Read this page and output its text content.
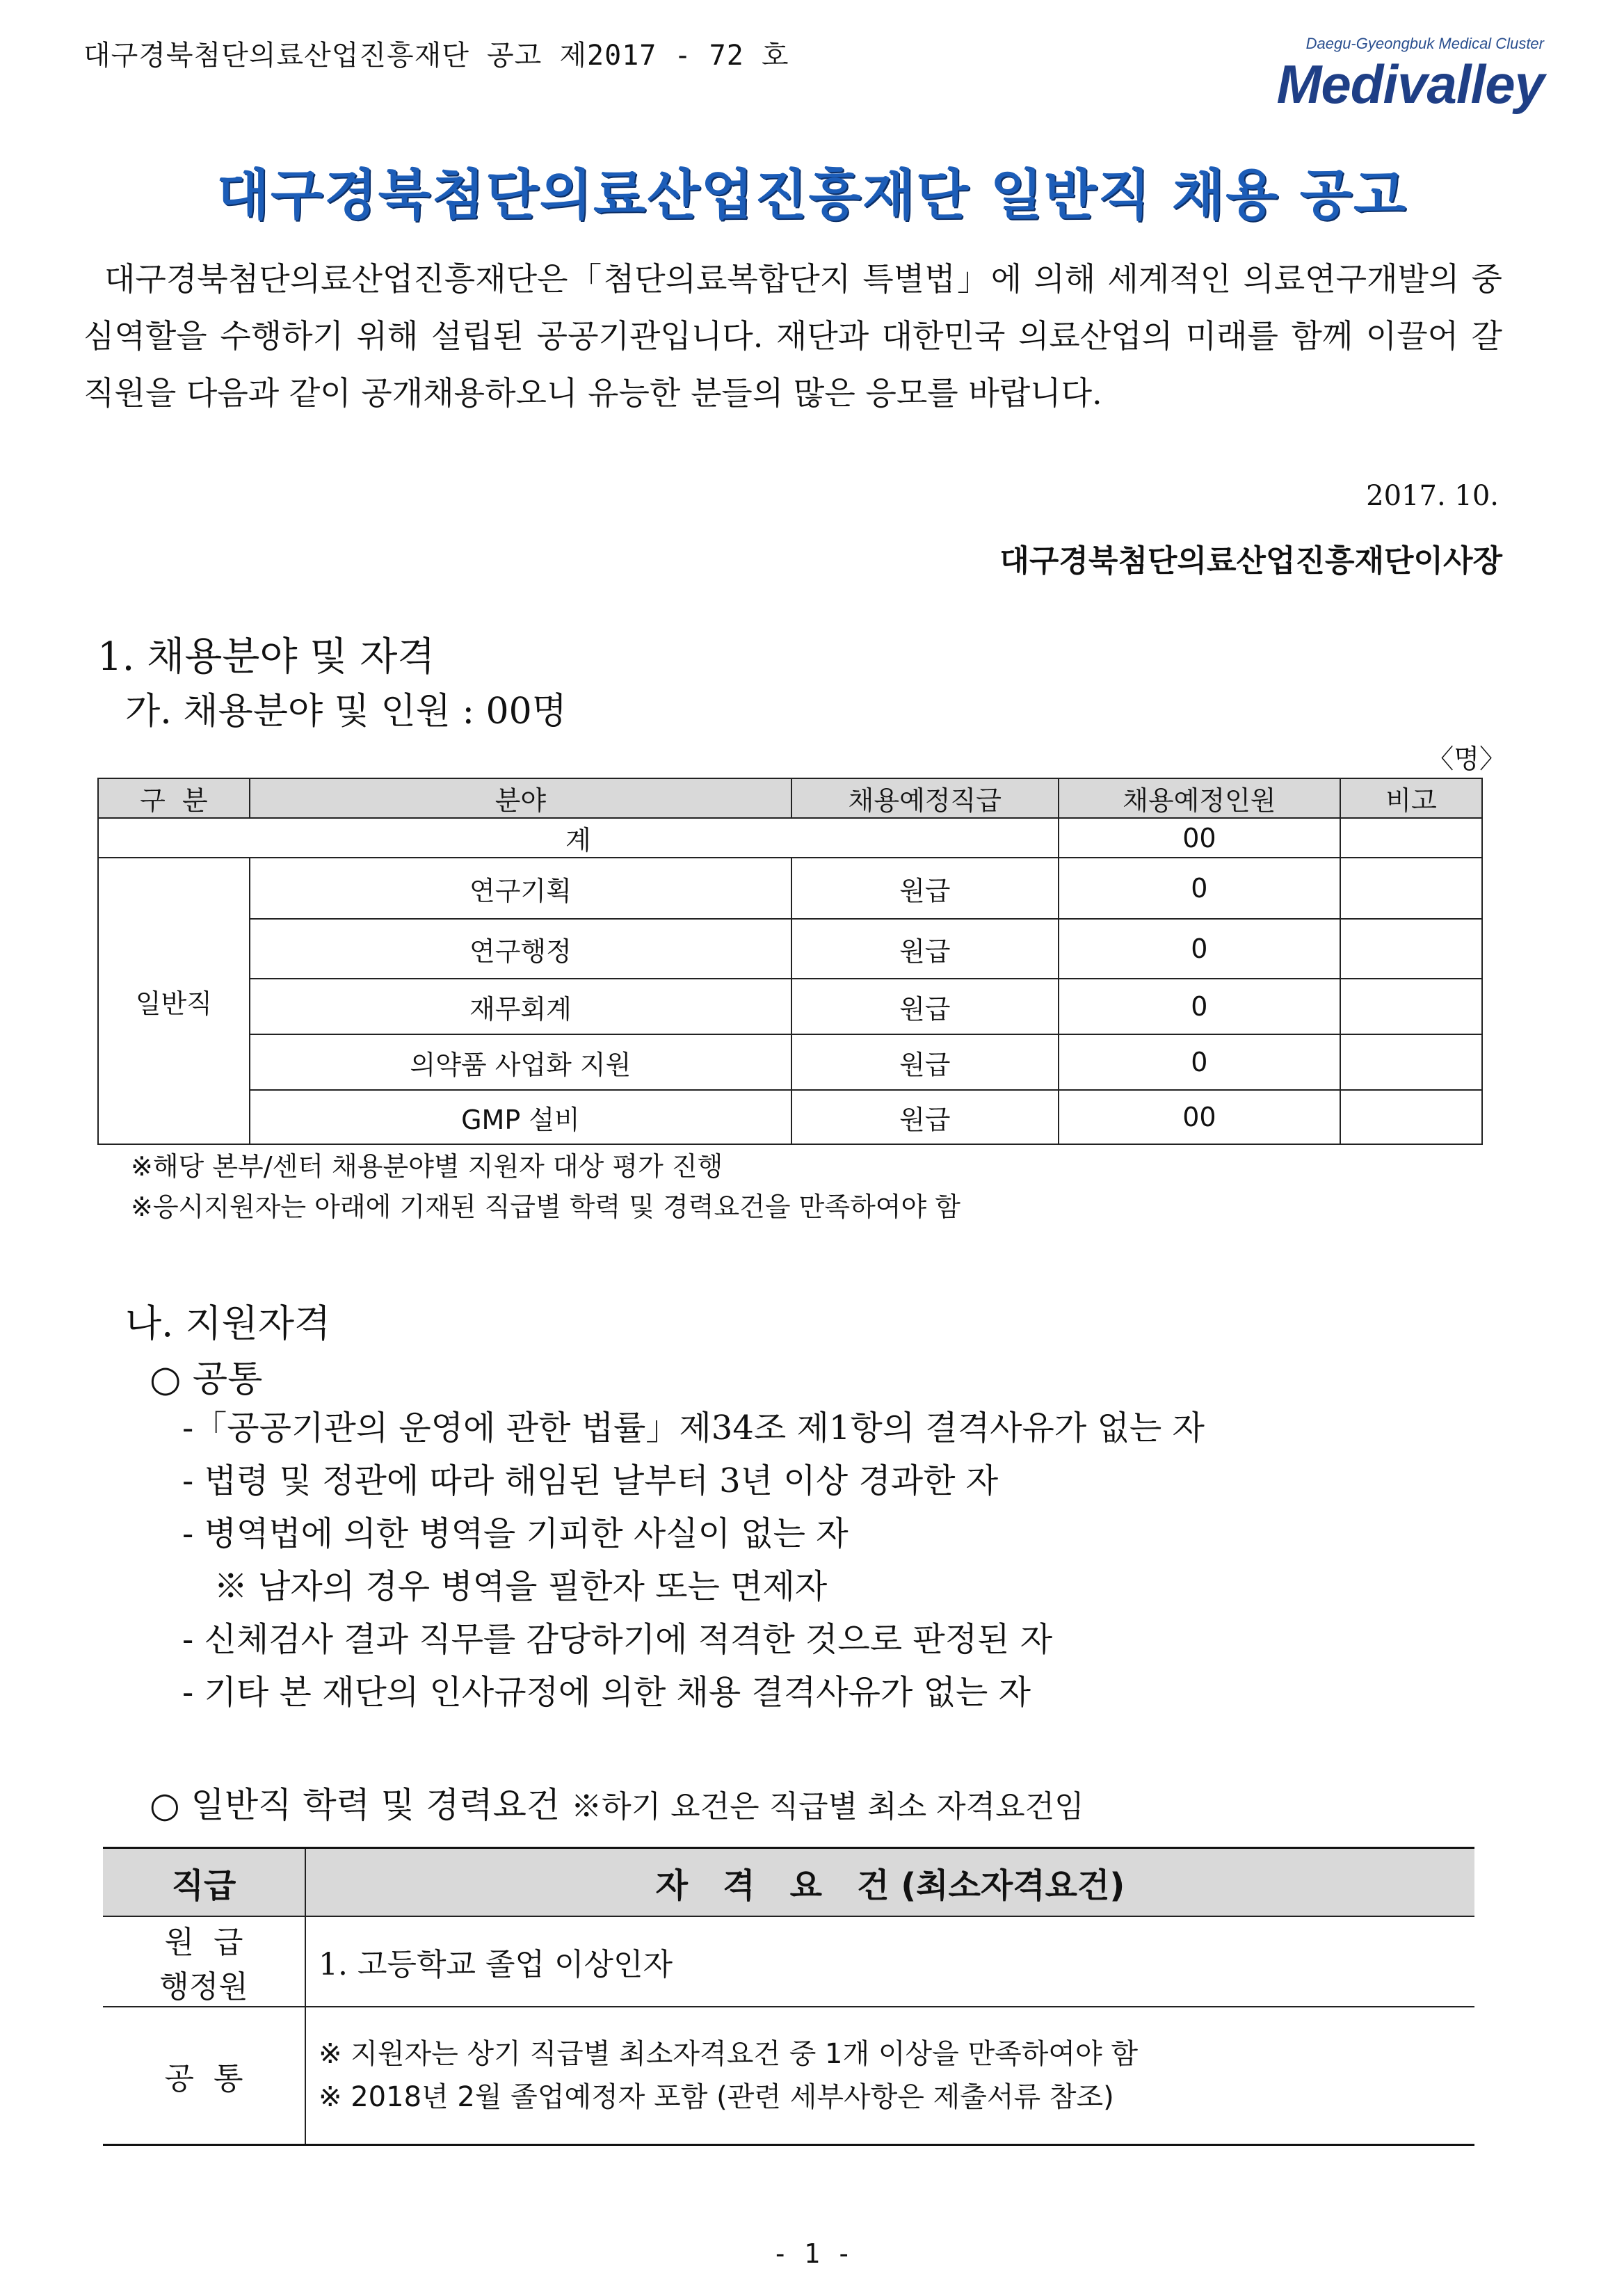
대구경북첨단의료산업진흥재단 공고 제2017 - 72 호	Daegu-Gyeongbuk Medical Cluster
Medivalley
대구경북첨단의료산업진흥재단 일반직 채용 공고

대구경북첨단의료산업진흥재단은「첨단의료복합단지 특별법」에 의해 세계적인 의료연구개발의 중심역할을 수행하기 위해 설립된 공공기관입니다. 재단과 대한민국 의료산업의 미래를 함께 이끌어 갈 직원을 다음과 같이 공개채용하오니 유능한 분들의 많은 응모를 바랍니다.

2017. 10.
대구경북첨단의료산업진흥재단이사장
1. 채용분야 및 자격
가. 채용분야 및 인원 : 00명
〈명〉
구  분	분야	채용예정직급	채용예정인원	비고
계			00	
일반직	연구기획	원급	0	
	연구행정	원급	0	
	재무회계	원급	0	
	의약품 사업화 지원	원급	0	
	GMP 설비	원급	00	
※해당 본부/센터 채용분야별 지원자 대상 평가 진행
※응시지원자는 아래에 기재된 직급별 학력 및 경력요건을 만족하여야 함
나. 지원자격
○ 공통
-「공공기관의 운영에 관한 법률」제34조 제1항의 결격사유가 없는 자
- 법령 및 정관에 따라 해임된 날부터 3년 이상 경과한 자
- 병역법에 의한 병역을 기피한 사실이 없는 자
※ 남자의 경우 병역을 필한자 또는 면제자
- 신체검사 결과 직무를 감당하기에 적격한 것으로 판정된 자
- 기타 본 재단의 인사규정에 의한 채용 결격사유가 없는 자
○ 일반직 학력 및 경력요건 ※하기 요건은 직급별 최소 자격요건임
직급	자   격   요   건 (최소자격요건)

원  급
행정원	1. 고등학교 졸업 이상인자
공  통	※ 지원자는 상기 직급별 최소자격요건 중 1개 이상을 만족하여야 함
※ 2018년 2월 졸업예정자 포함 (관련 세부사항은 제출서류 참조)
- 1 -
